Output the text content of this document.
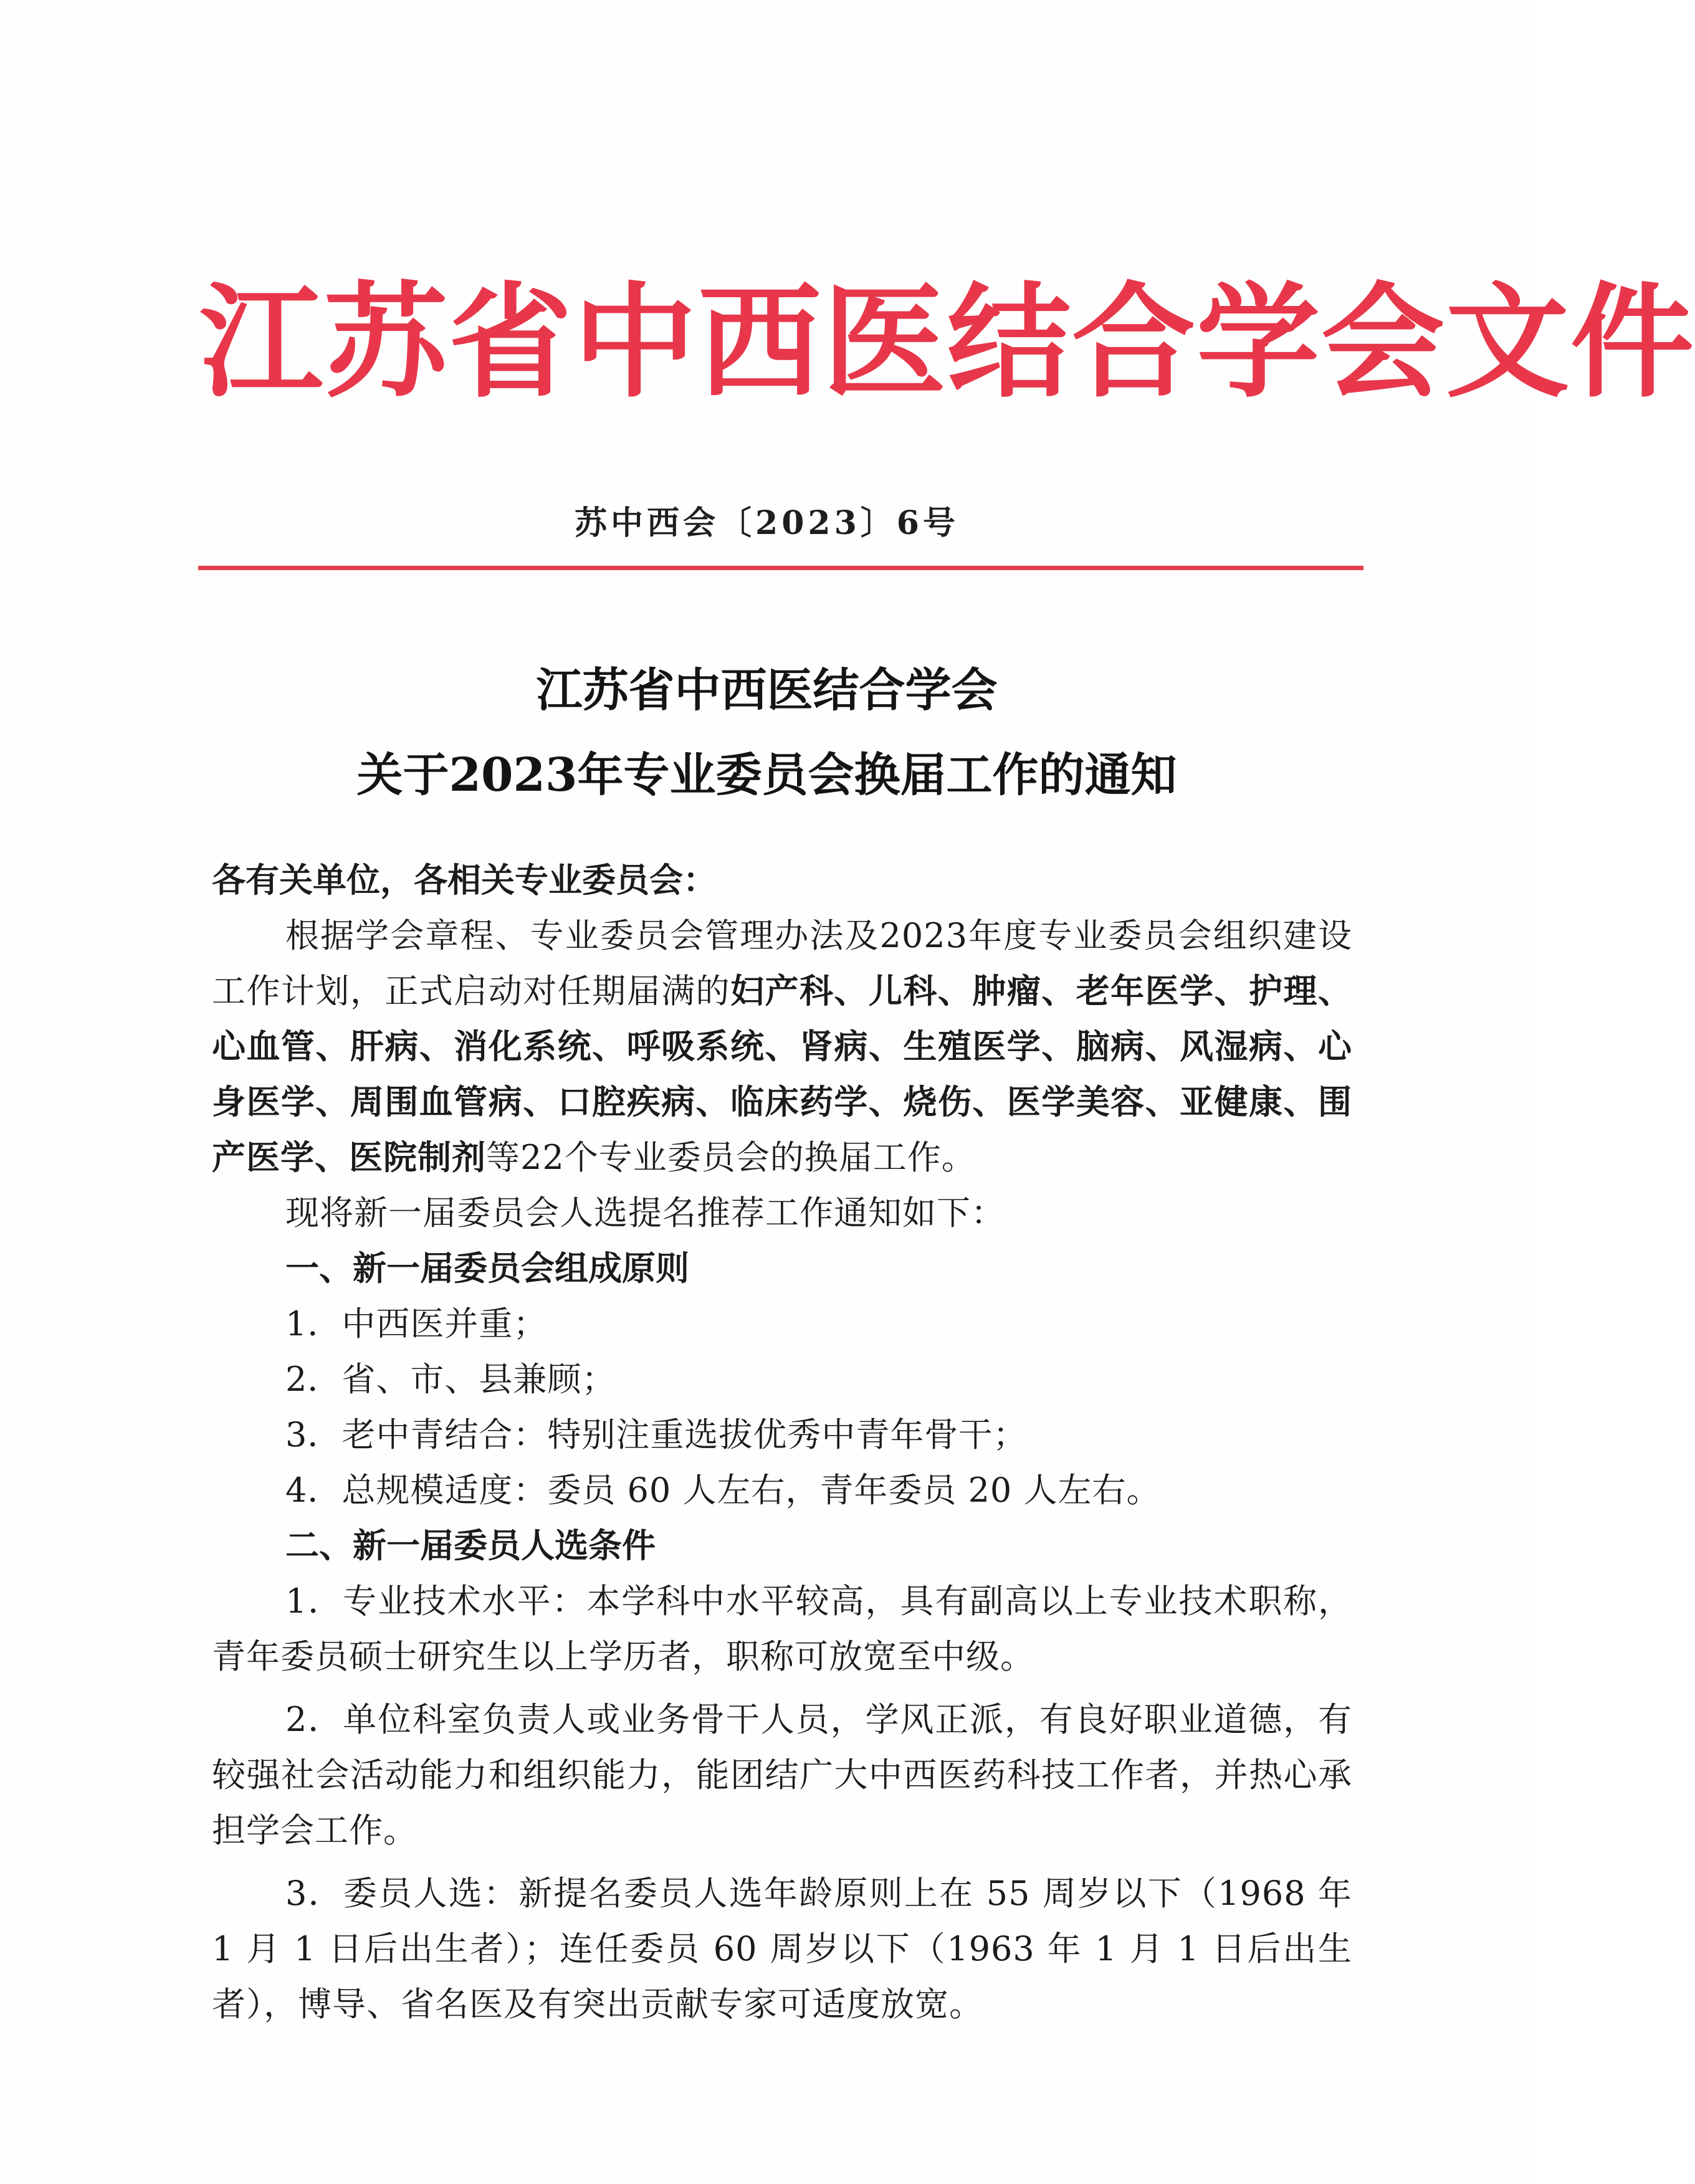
江苏省中西医结合学会文件
苏中西会〔2023〕6号
江苏省中西医结合学会
关于2023年专业委员会换届工作的通知

各有关单位，各相关专业委员会：

根据学会章程、专业委员会管理办法及2023年度专业委员会组织建设工作计划，正式启动对任期届满的妇产科、儿科、肿瘤、老年医学、护理、心血管、肝病、消化系统、呼吸系统、肾病、生殖医学、脑病、风湿病、心身医学、周围血管病、口腔疾病、临床药学、烧伤、医学美容、亚健康、围产医学、医院制剂等22个专业委员会的换届工作。

现将新一届委员会人选提名推荐工作通知如下：

一、新一届委员会组成原则

1．中西医并重；

2．省、市、县兼顾；

3．老中青结合：特别注重选拔优秀中青年骨干；

4．总规模适度：委员 60 人左右，青年委员 20 人左右。

二、新一届委员人选条件

1．专业技术水平：本学科中水平较高，具有副高以上专业技术职称，青年委员硕士研究生以上学历者，职称可放宽至中级。

2．单位科室负责人或业务骨干人员，学风正派，有良好职业道德，有较强社会活动能力和组织能力，能团结广大中西医药科技工作者，并热心承担学会工作。

3．委员人选：新提名委员人选年龄原则上在 55 周岁以下（1968 年 1 月 1 日后出生者）；连任委员 60 周岁以下（1963 年 1 月 1 日后出生者），博导、省名医及有突出贡献专家可适度放宽。
